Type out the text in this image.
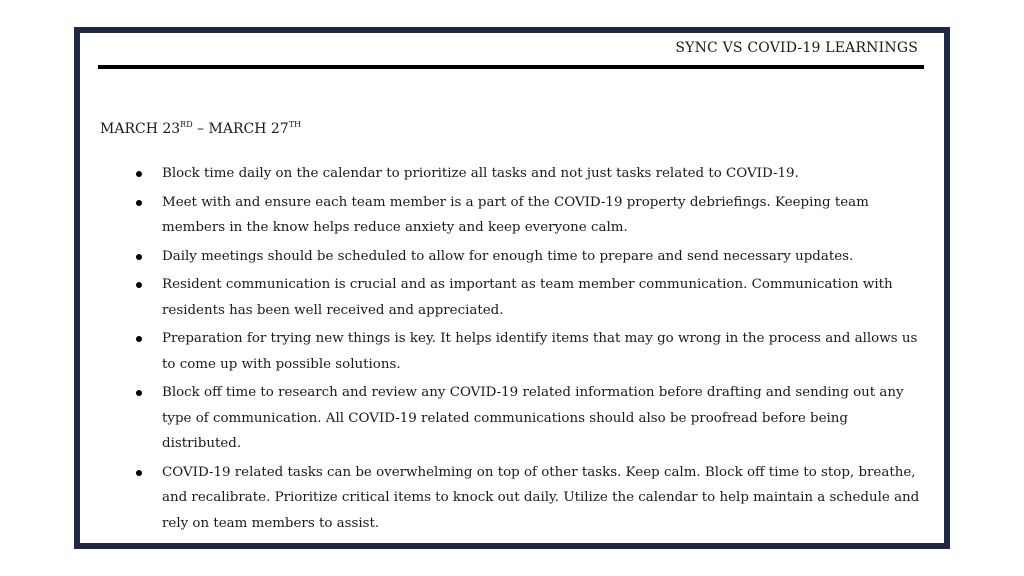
SYNC VS COVID-19 LEARNINGS
MARCH 23RD – MARCH 27TH
Block time daily on the calendar to prioritize all tasks and not just tasks related to COVID-19.
Meet with and ensure each team member is a part of the COVID-19 property debriefings. Keeping team members in the know helps reduce anxiety and keep everyone calm.
Daily meetings should be scheduled to allow for enough time to prepare and send necessary updates.
Resident communication is crucial and as important as team member communication. Communication with residents has been well received and appreciated.
Preparation for trying new things is key. It helps identify items that may go wrong in the process and allows us to come up with possible solutions.
Block off time to research and review any COVID-19 related information before drafting and sending out any type of communication. All COVID-19 related communications should also be proofread before being distributed.
COVID-19 related tasks can be overwhelming on top of other tasks. Keep calm. Block off time to stop, breathe, and recalibrate. Prioritize critical items to knock out daily. Utilize the calendar to help maintain a schedule and rely on team members to assist.
